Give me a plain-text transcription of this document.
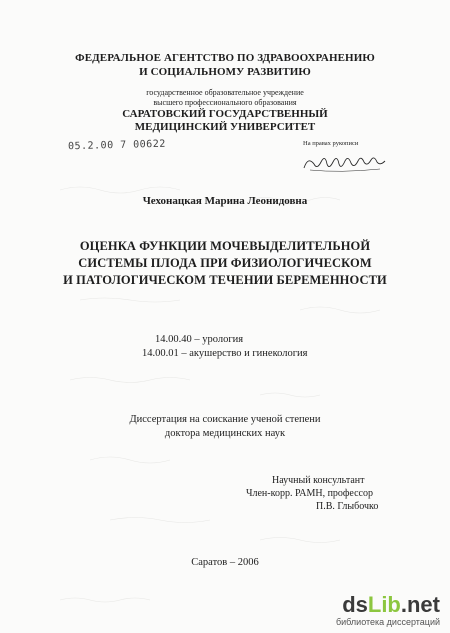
ФЕДЕРАЛЬНОЕ АГЕНТСТВО ПО ЗДРАВООХРАНЕНИЮ
И СОЦИАЛЬНОМУ РАЗВИТИЮ
государственное образовательное учреждение
высшего профессионального образования
САРАТОВСКИЙ ГОСУДАРСТВЕННЫЙ
МЕДИЦИНСКИЙ УНИВЕРСИТЕТ
05.2.00 7 00622	На правах рукописи
Чехонацкая Марина Леонидовна
ОЦЕНКА ФУНКЦИИ МОЧЕВЫДЕЛИТЕЛЬНОЙ
СИСТЕМЫ ПЛОДА ПРИ ФИЗИОЛОГИЧЕСКОМ
И ПАТОЛОГИЧЕСКОМ ТЕЧЕНИИ БЕРЕМЕННОСТИ
14.00.40 – урология
14.00.01 – акушерство и гинекология
Диссертация на соискание ученой степени
доктора медицинских наук
Научный консультант
Член-корр. РАМН, профессор
П.В. Глыбочко
Саратов – 2006
dsLib.net
библиотека диссертаций
